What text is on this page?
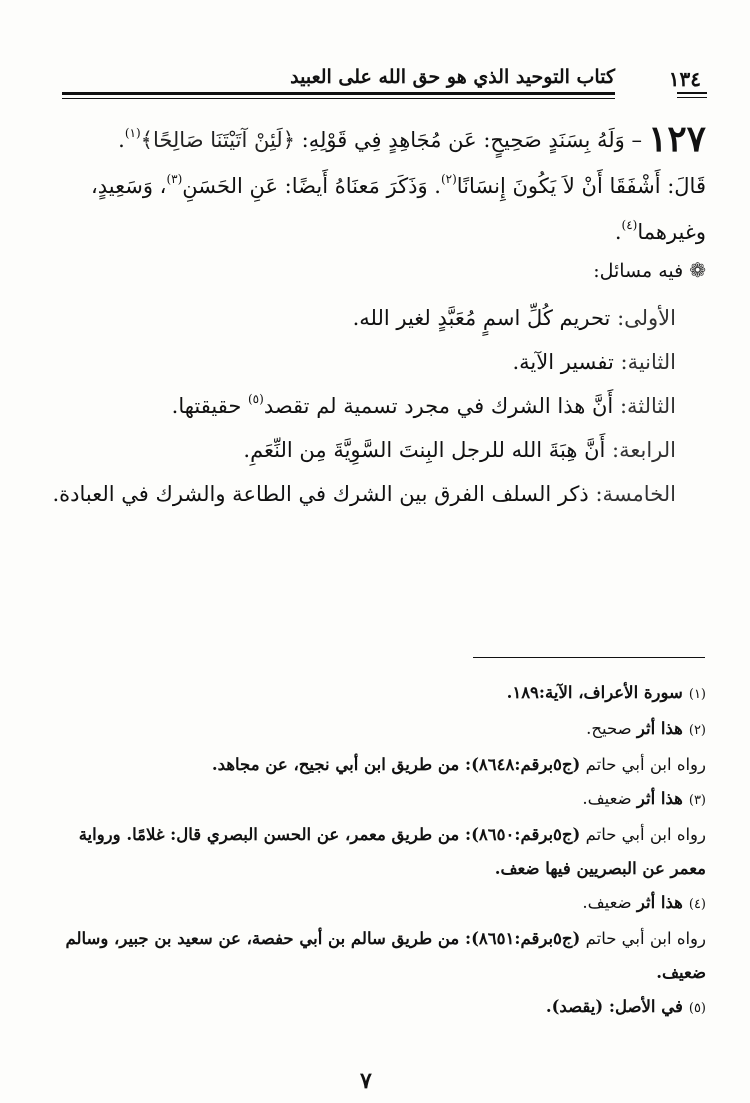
١٣٤
كتاب التوحيد الذي هو حق الله على العبيد

١٢٧– وَلَهُ بِسَنَدٍ صَحِيحٍ: عَن مُجَاهِدٍ فِي قَوْلِهِ: ﴿لَئِنْ آتَيْتَنَا صَالِحًا﴾$^{(١)}$.

قَالَ: أَشْفَقَا أَنْ لاَ يَكُونَ إِنسَانًا$^{(٢)}$. وَذَكَرَ مَعنَاهُ أَيضًا: عَنِ الحَسَنِ$^{(٣)}$، وَسَعِيدٍ،

وغيرهما$^{(٤)}$.

❁فيه مسائل:

الأولى: تحريم كُلِّ اسمٍ مُعَبَّدٍ لغير الله.

الثانية: تفسير الآية.

الثالثة: أَنَّ هذا الشرك في مجرد تسمية لم تقصد$^{(٥)}$ حقيقتها.

الرابعة: أَنَّ هِبَةَ الله للرجل البِنتَ السَّوِيَّةَ مِن النِّعَمِ.

الخامسة: ذكر السلف الفرق بين الشرك في الطاعة والشرك في العبادة.

(١)سورة الأعراف، الآية:١٨٩.

(٢)هذا أثر صحيح.

رواه ابن أبي حاتم (ج٥برقم:٨٦٤٨): من طريق ابن أبي نجيح، عن مجاهد.

(٣)هذا أثر ضعيف.

رواه ابن أبي حاتم (ج٥برقم:٨٦٥٠): من طريق معمر، عن الحسن البصري قال: غلامًا. ورواية

معمر عن البصريين فيها ضعف.

(٤)هذا أثر ضعيف.

رواه ابن أبي حاتم (ج٥برقم:٨٦٥١): من طريق سالم بن أبي حفصة، عن سعيد بن جبير، وسالم

ضعيف.

(٥)في الأصل: (يقصد).

٧
